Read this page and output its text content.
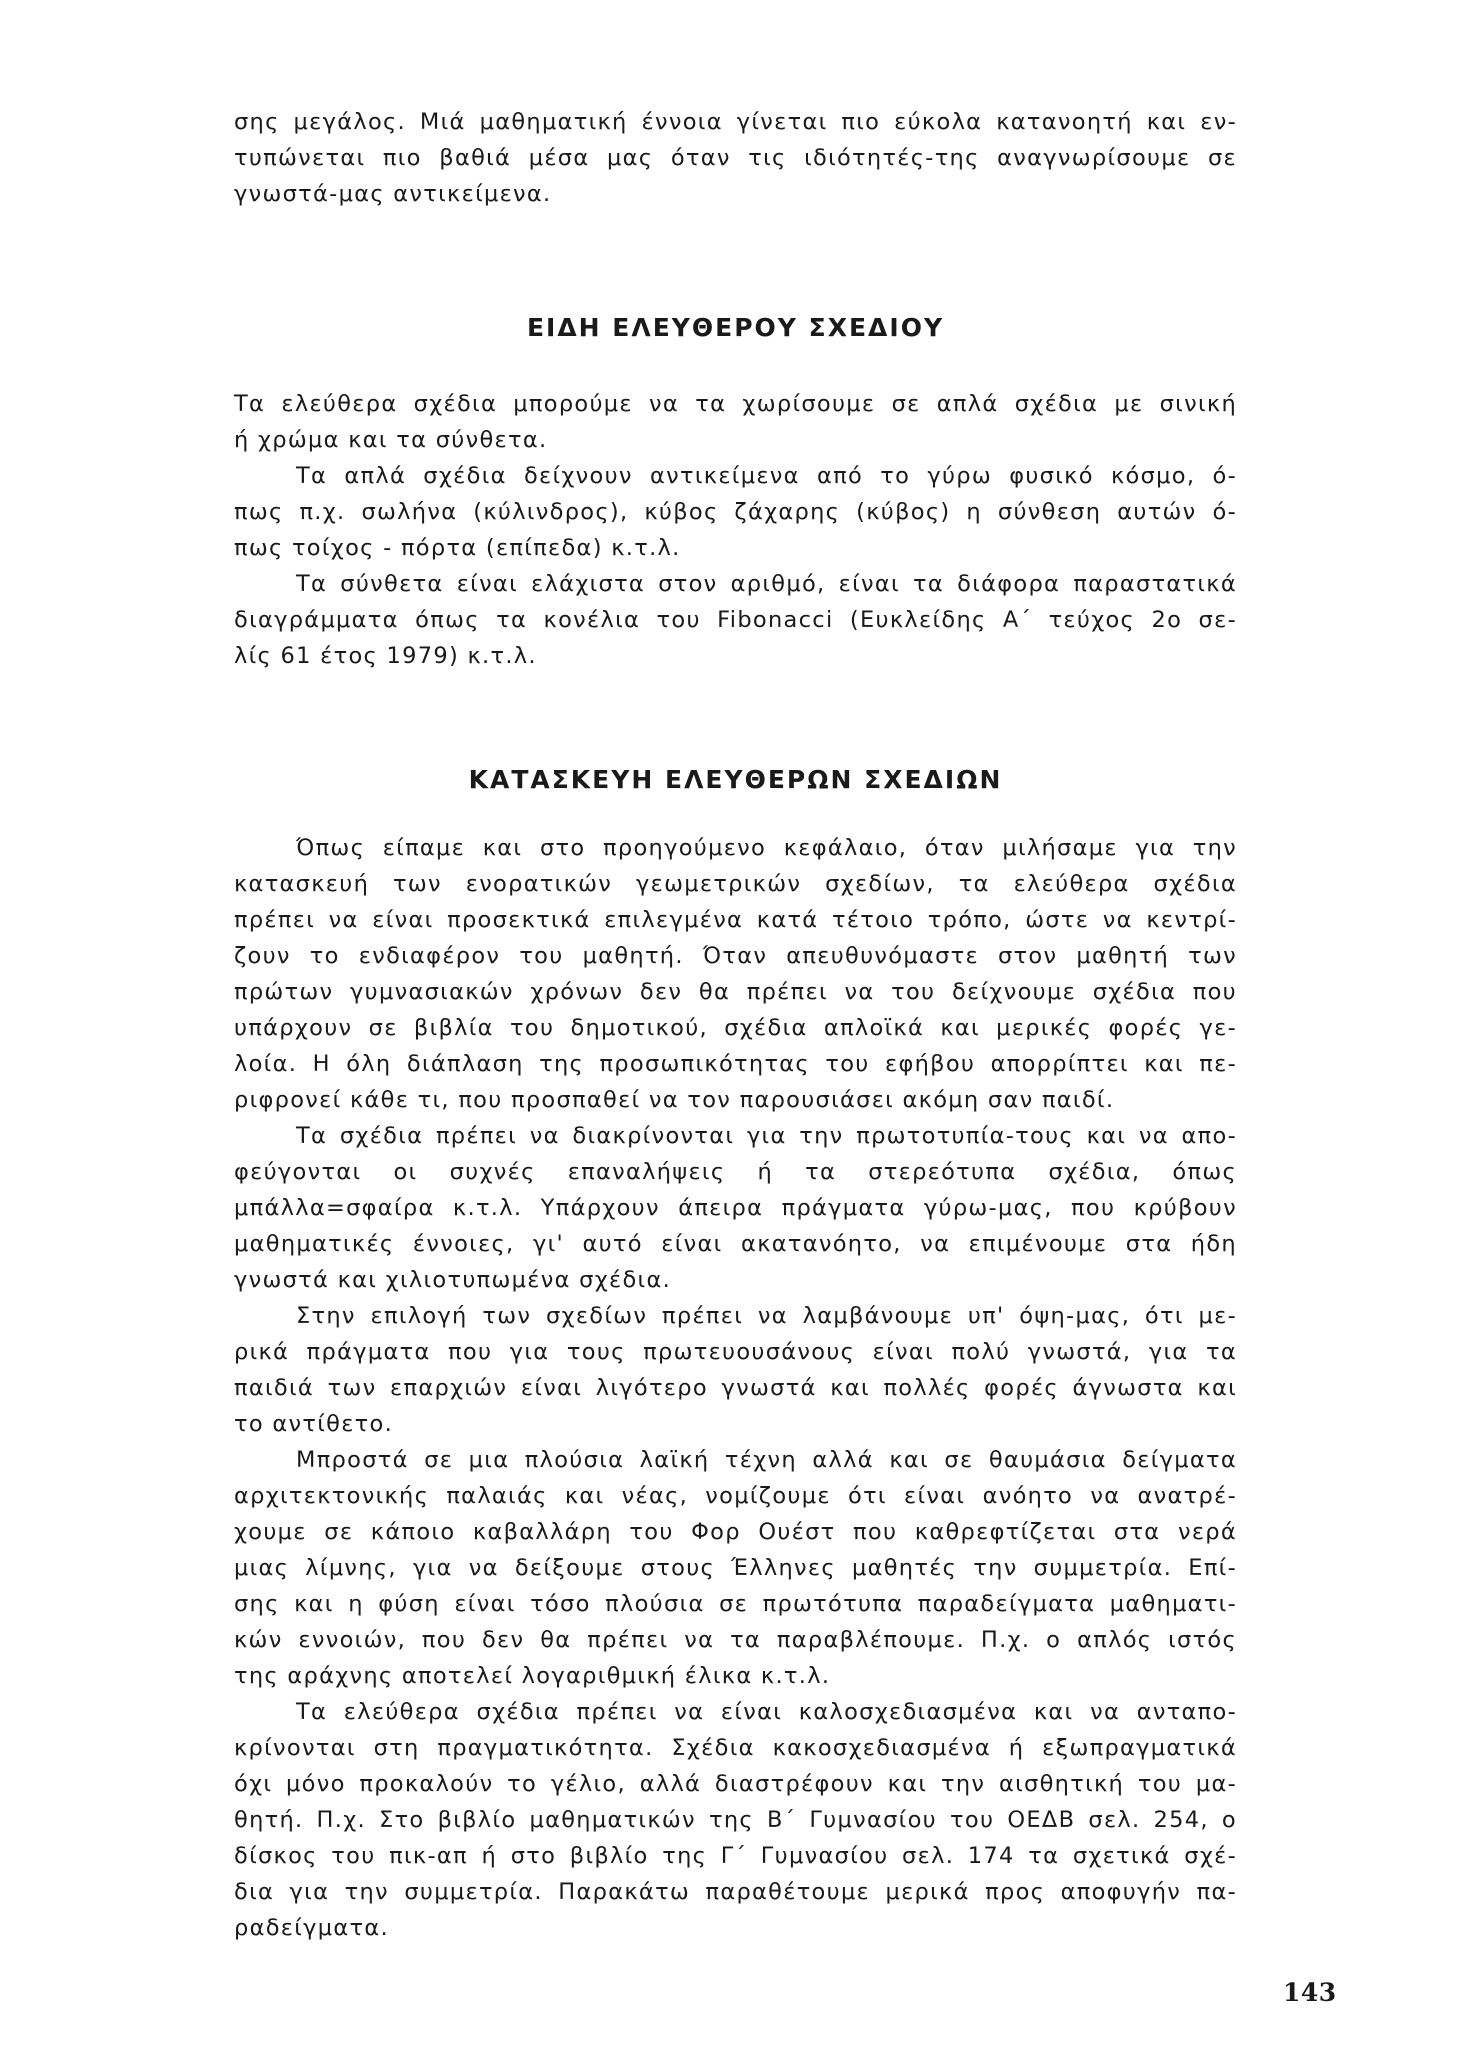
σης μεγάλος. Μιά μαθηματική έννοια γίνεται πιο εύκολα κατανοητή και εν-

τυπώνεται πιο βαθιά μέσα μας όταν τις ιδιότητές-της αναγνωρίσουμε σε

γνωστά-μας αντικείμενα.

ΕΙΔΗ ΕΛΕΥΘΕΡΟΥ ΣΧΕΔΙΟΥ

Τα ελεύθερα σχέδια μπορούμε να τα χωρίσουμε σε απλά σχέδια με σινική

ή χρώμα και τα σύνθετα.

Τα απλά σχέδια δείχνουν αντικείμενα από το γύρω φυσικό κόσμο, ό-

πως π.χ. σωλήνα (κύλινδρος), κύβος ζάχαρης (κύβος) η σύνθεση αυτών ό-

πως τοίχος - πόρτα (επίπεδα) κ.τ.λ.

Τα σύνθετα είναι ελάχιστα στον αριθμό, είναι τα διάφορα παραστατικά

διαγράμματα όπως τα κονέλια του Fibonacci (Ευκλείδης Α΄ τεύχος 2ο σε-

λίς 61 έτος 1979) κ.τ.λ.

ΚΑΤΑΣΚΕΥΗ ΕΛΕΥΘΕΡΩΝ ΣΧΕΔΙΩΝ

Όπως είπαμε και στο προηγούμενο κεφάλαιο, όταν μιλήσαμε για την

κατασκευή των ενορατικών γεωμετρικών σχεδίων, τα ελεύθερα σχέδια

πρέπει να είναι προσεκτικά επιλεγμένα κατά τέτοιο τρόπο, ώστε να κεντρί-

ζουν το ενδιαφέρον του μαθητή. Όταν απευθυνόμαστε στον μαθητή των

πρώτων γυμνασιακών χρόνων δεν θα πρέπει να του δείχνουμε σχέδια που

υπάρχουν σε βιβλία του δημοτικού, σχέδια απλοϊκά και μερικές φορές γε-

λοία. Η όλη διάπλαση της προσωπικότητας του εφήβου απορρίπτει και πε-

ριφρονεί κάθε τι, που προσπαθεί να τον παρουσιάσει ακόμη σαν παιδί.

Τα σχέδια πρέπει να διακρίνονται για την πρωτοτυπία-τους και να απο-

φεύγονται οι συχνές επαναλήψεις ή τα στερεότυπα σχέδια, όπως

μπάλλα=σφαίρα κ.τ.λ. Υπάρχουν άπειρα πράγματα γύρω-μας, που κρύβουν

μαθηματικές έννοιες, γι' αυτό είναι ακατανόητο, να επιμένουμε στα ήδη

γνωστά και χιλιοτυπωμένα σχέδια.

Στην επιλογή των σχεδίων πρέπει να λαμβάνουμε υπ' όψη-μας, ότι με-

ρικά πράγματα που για τους πρωτευουσάνους είναι πολύ γνωστά, για τα

παιδιά των επαρχιών είναι λιγότερο γνωστά και πολλές φορές άγνωστα και

το αντίθετο.

Μπροστά σε μια πλούσια λαϊκή τέχνη αλλά και σε θαυμάσια δείγματα

αρχιτεκτονικής παλαιάς και νέας, νομίζουμε ότι είναι ανόητο να ανατρέ-

χουμε σε κάποιο καβαλλάρη του Φορ Ουέστ που καθρεφτίζεται στα νερά

μιας λίμνης, για να δείξουμε στους Έλληνες μαθητές την συμμετρία. Επί-

σης και η φύση είναι τόσο πλούσια σε πρωτότυπα παραδείγματα μαθηματι-

κών εννοιών, που δεν θα πρέπει να τα παραβλέπουμε. Π.χ. ο απλός ιστός

της αράχνης αποτελεί λογαριθμική έλικα κ.τ.λ.

Τα ελεύθερα σχέδια πρέπει να είναι καλοσχεδιασμένα και να ανταπο-

κρίνονται στη πραγματικότητα. Σχέδια κακοσχεδιασμένα ή εξωπραγματικά

όχι μόνο προκαλούν το γέλιο, αλλά διαστρέφουν και την αισθητική του μα-

θητή. Π.χ. Στο βιβλίο μαθηματικών της Β΄ Γυμνασίου του ΟΕΔΒ σελ. 254, ο

δίσκος του πικ-απ ή στο βιβλίο της Γ΄ Γυμνασίου σελ. 174 τα σχετικά σχέ-

δια για την συμμετρία. Παρακάτω παραθέτουμε μερικά προς αποφυγήν πα-

ραδείγματα.

143
